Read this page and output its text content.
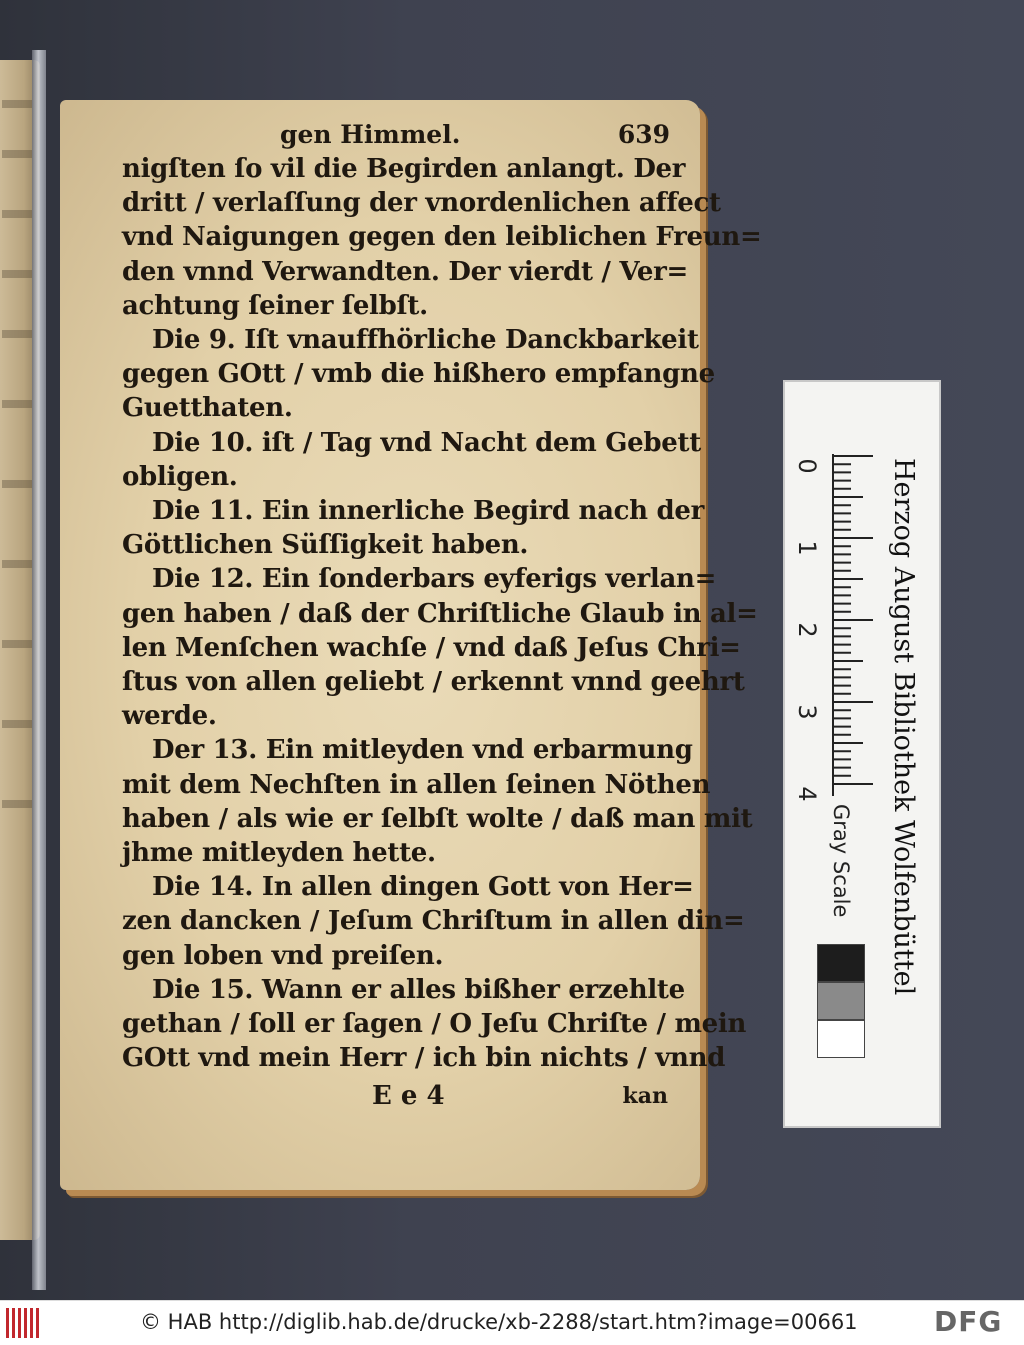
gen Himmel.	639
nigſten ſo vil die Begirden anlangt. Der
dritt / verlaſſung der vnordenlichen affect
vnd Naigungen gegen den leiblichen Freun=
den vnnd Verwandten. Der vierdt / Ver=
achtung ſeiner ſelbſt.
Die 9. Iſt vnauffhörliche Danckbarkeit
gegen GOtt / vmb die hißhero empfangne
Guetthaten.
Die 10. iſt / Tag vnd Nacht dem Gebett
obligen.
Die 11. Ein innerliche Begird nach der
Göttlichen Süſſigkeit haben.
Die 12. Ein ſonderbars eyferigs verlan=
gen haben / daß der Chriſtliche Glaub in al=
len Menſchen wachſe / vnd daß Jeſus Chri=
ſtus von allen geliebt / erkennt vnnd geehrt
werde.
Der 13. Ein mitleyden vnd erbarmung
mit dem Nechſten in allen ſeinen Nöthen
haben / als wie er ſelbſt wolte / daß man mit
jhme mitleyden hette.
Die 14. In allen dingen Gott von Her=
zen dancken / Jeſum Chriſtum in allen din=
gen loben vnd preiſen.
Die 15. Wann er alles bißher erzehlte
gethan / ſoll er ſagen / O Jeſu Chriſte / mein
GOtt vnd mein Herr / ich bin nichts / vnnd
E e 4	kan
0
1
2
3
4	Herzog August Bibliothek Wolfenbüttel
Gray Scale
© HAB http://diglib.hab.de/drucke/xb-2288/start.htm?image=00661	DFG
